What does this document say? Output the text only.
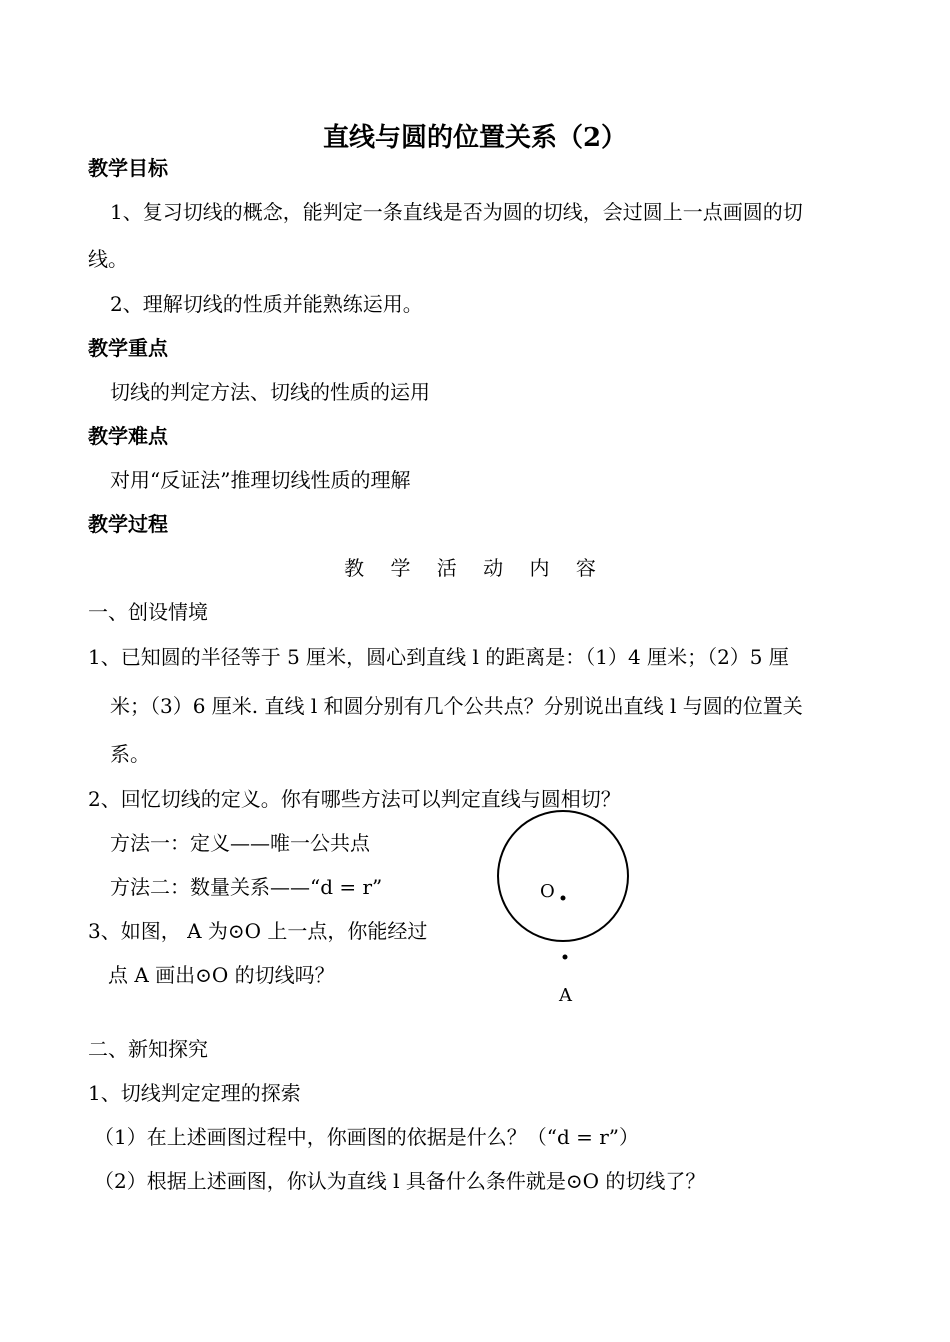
直线与圆的位置关系（2）
教学目标
1、复习切线的概念，能判定一条直线是否为圆的切线，会过圆上一点画圆的切
线。
2、理解切线的性质并能熟练运用。
教学重点
切线的判定方法、切线的性质的运用
教学难点
对用“反证法”推理切线性质的理解
教学过程
教 学 活 动 内 容
一、创设情境
1、已知圆的半径等于 5 厘米，圆心到直线 l 的距离是：（1）4 厘米；（2）5 厘
米；（3）6 厘米. 直线 l 和圆分别有几个公共点？分别说出直线 l 与圆的位置关
系。
2、回忆切线的定义。你有哪些方法可以判定直线与圆相切？
方法一：定义——唯一公共点
方法二：数量关系——“d = r”
3、如图， A 为⊙O 上一点，你能经过
点 A 画出⊙O 的切线吗？
O
A
二、新知探究
1、切线判定定理的探索
（1）在上述画图过程中，你画图的依据是什么？（“d = r”）
（2）根据上述画图，你认为直线 l 具备什么条件就是⊙O 的切线了？
